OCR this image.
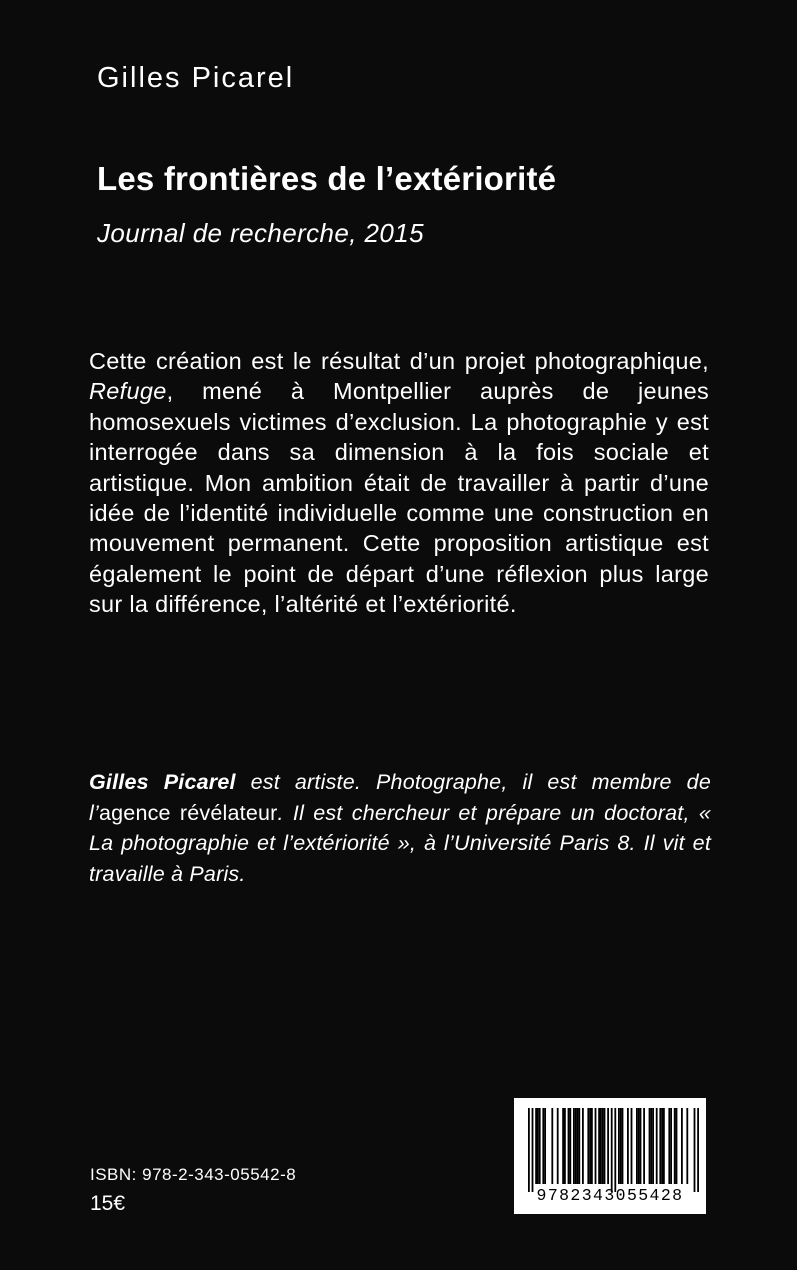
Gilles Picarel
Les frontières de l’extériorité
Journal de recherche, 2015
Cette création est le résultat d’un projet photographique, Refuge, mené à Montpellier auprès de jeunes homosexuels victimes d’exclusion. La photographie y est interrogée dans sa dimension à la fois sociale et artistique. Mon ambition était de travailler à partir d’une idée de l’identité individuelle comme une construction en mouvement permanent. Cette proposition artistique est également le point de départ d’une réflexion plus large sur la différence, l’altérité et l’extériorité.
Gilles Picarel est artiste. Photographe, il est membre de l’agence révélateur. Il est chercheur et prépare un doctorat, « La photographie et l’extériorité », à l’Université Paris 8. Il vit et travaille à Paris.
ISBN: 978-2-343-05542-8
15€	9782343055428
